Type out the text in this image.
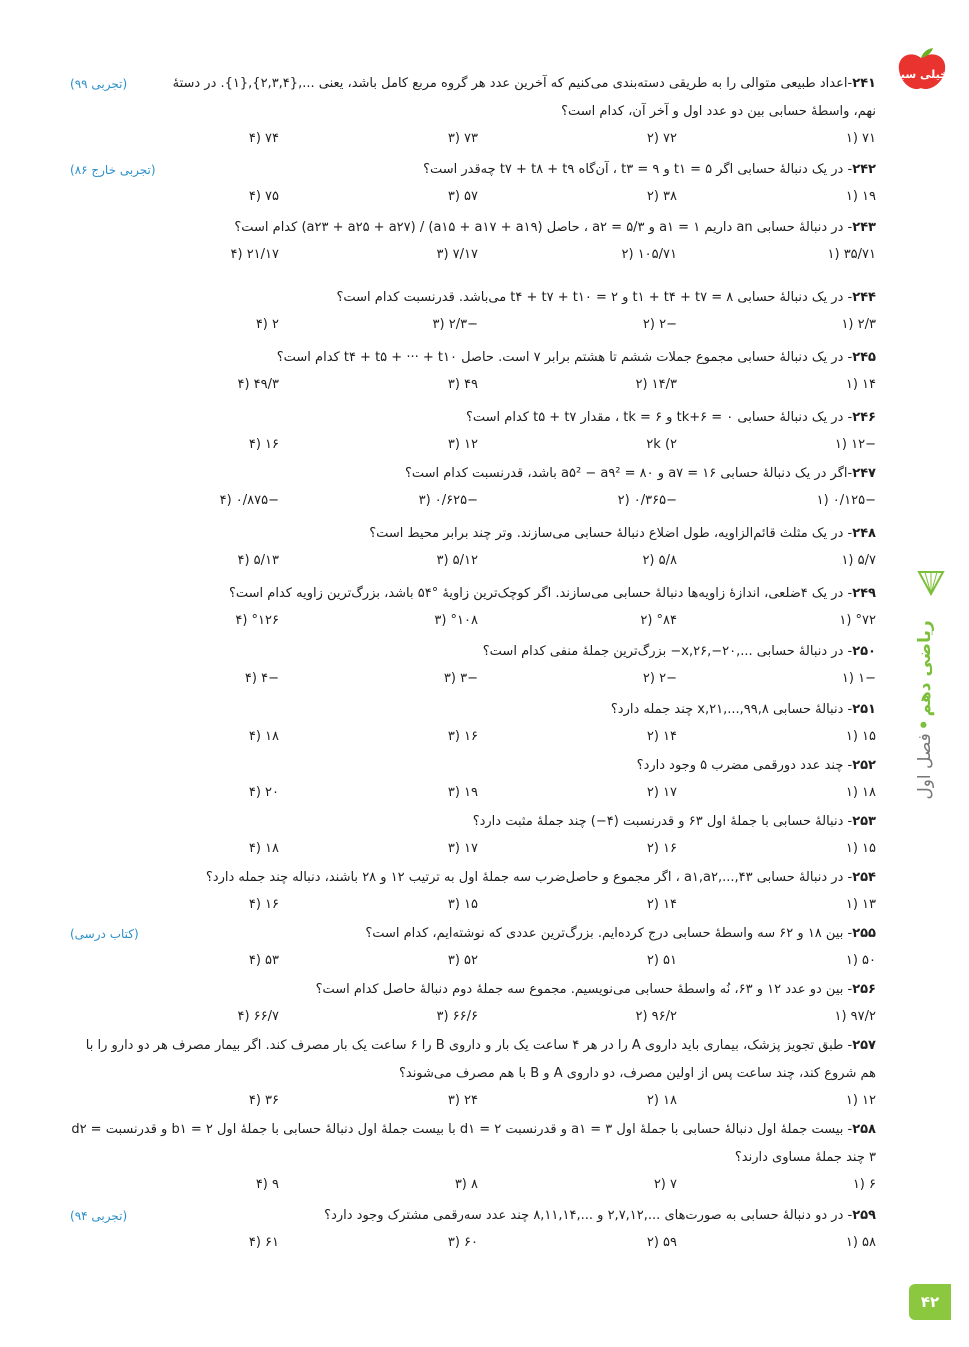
خیلی سبز
ریاضی دهم•فصل اول
۴۲
۲۴۱-اعداد طبیعی متوالی را به طریقی دسته‌بندی می‌کنیم که آخرین عدد هر گروه مربع کامل باشد، یعنی ...,{۲,۳,۴},{۱}. در دستهٔ نهم، واسطهٔ حسابی بین دو عدد اول و آخر آن، کدام است؟
(تجربی ۹۹)
۷۱ (۱
۷۲ (۲
۷۳ (۳
۷۴ (۴
۲۴۲- در یک دنبالهٔ حسابی اگر t۱ = ۵ و t۳ = ۹ ، آن‌گاه t۷ + t۸ + t۹ چه‌قدر است؟
(تجربی خارج ۸۶)
۱۹ (۱
۳۸ (۲
۵۷ (۳
۷۵ (۴
۲۴۳- در دنبالهٔ حسابی an داریم a۱ = ۱ و a۲ = ۵/۳ ، حاصل (a۱۵ + a۱۷ + a۱۹) / (a۲۳ + a۲۵ + a۲۷) کدام است؟
۳۵/۷۱ (۱
۱۰۵/۷۱ (۲
۷/۱۷ (۳
۲۱/۱۷ (۴
۲۴۴- در یک دنبالهٔ حسابی t۱ + t۴ + t۷ = ۸ و t۴ + t۷ + t۱۰ = ۲ می‌باشد. قدرنسبت کدام است؟
۲/۳ (۱
−۲ (۲
−۲/۳ (۳
۲ (۴
۲۴۵- در یک دنبالهٔ حسابی مجموع جملات ششم تا هشتم برابر ۷ است. حاصل t۴ + t۵ + ··· + t۱۰ کدام است؟
۱۴ (۱
۱۴/۳ (۲
۴۹ (۳
۴۹/۳ (۴
۲۴۶- در یک دنبالهٔ حسابی tk+۶ = ۰ و tk = ۶ ، مقدار t۵ + t۷ کدام است؟
−۱۲ (۱
۲k (۲
۱۲ (۳
۱۶ (۴
۲۴۷-اگر در یک دنبالهٔ حسابی a۷ = ۱۶ و a۵² − a۹² = ۸۰ باشد، قدرنسبت کدام است؟
−۰/۱۲۵ (۱
−۰/۳۶۵ (۲
−۰/۶۲۵ (۳
−۰/۸۷۵ (۴
۲۴۸- در یک مثلث قائم‌الزاویه، طول اضلاع دنبالهٔ حسابی می‌سازند. وتر چند برابر محیط است؟
۵/۷ (۱
۵/۸ (۲
۵/۱۲ (۳
۵/۱۳ (۴
۲۴۹- در یک ۴ضلعی، اندازهٔ زاویه‌ها دنبالهٔ حسابی می‌سازند. اگر کوچک‌ترین زاویهٔ °۵۴ باشد، بزرگ‌ترین زاویه کدام است؟
°۷۲ (۱
°۸۴ (۲
°۱۰۸ (۳
°۱۲۶ (۴
۲۵۰- در دنبالهٔ حسابی ...,۲۰−,x,۲۶− بزرگ‌ترین جملهٔ منفی کدام است؟
−۱ (۱
−۲ (۲
−۳ (۳
−۴ (۴
۲۵۱- دنبالهٔ حسابی ۸,x,۲۱,...,۹۹ چند جمله دارد؟
۱۵ (۱
۱۴ (۲
۱۶ (۳
۱۸ (۴
۲۵۲- چند عدد دورقمی مضرب ۵ وجود دارد؟
۱۸ (۱
۱۷ (۲
۱۹ (۳
۲۰ (۴
۲۵۳- دنبالهٔ حسابی با جملهٔ اول ۶۳ و قدرنسبت (۴−) چند جملهٔ مثبت دارد؟
۱۵ (۱
۱۶ (۲
۱۷ (۳
۱۸ (۴
۲۵۴- در دنبالهٔ حسابی a۱,a۲,...,۴۳ ، اگر مجموع و حاصل‌ضرب سه جملهٔ اول به ترتیب ۱۲ و ۲۸ باشند، دنباله چند جمله دارد؟
۱۳ (۱
۱۴ (۲
۱۵ (۳
۱۶ (۴
۲۵۵- بین ۱۸ و ۶۲ سه واسطهٔ حسابی درج کرده‌ایم. بزرگ‌ترین عددی که نوشته‌ایم، کدام است؟
(کتاب درسی)
۵۰ (۱
۵۱ (۲
۵۲ (۳
۵۳ (۴
۲۵۶- بین دو عدد ۱۲ و ۶۳، نُه واسطهٔ حسابی می‌نویسیم. مجموع سه جملهٔ دوم دنبالهٔ حاصل کدام است؟
۹۷/۲ (۱
۹۶/۲ (۲
۶۶/۶ (۳
۶۶/۷ (۴
۲۵۷- طبق تجویز پزشک، بیماری باید داروی A را در هر ۴ ساعت یک بار و داروی B را ۶ ساعت یک بار مصرف کند. اگر بیمار مصرف هر دو دارو را با هم شروع کند، چند ساعت پس از اولین مصرف، دو داروی A و B با هم مصرف می‌شوند؟
۱۲ (۱
۱۸ (۲
۲۴ (۳
۳۶ (۴
۲۵۸- بیست جملهٔ اول دنبالهٔ حسابی با جملهٔ اول a۱ = ۳ و قدرنسبت d۱ = ۲ با بیست جملهٔ اول دنبالهٔ حسابی با جملهٔ اول b۱ = ۲ و قدرنسبت d۲ = ۳ چند جملهٔ مساوی دارند؟
۶ (۱
۷ (۲
۸ (۳
۹ (۴
۲۵۹- در دو دنبالهٔ حسابی به صورت‌های ...,۲,۷,۱۲ و ...,۸,۱۱,۱۴ چند عدد سه‌رقمی مشترک وجود دارد؟
(تجربی ۹۴)
۵۸ (۱
۵۹ (۲
۶۰ (۳
۶۱ (۴
